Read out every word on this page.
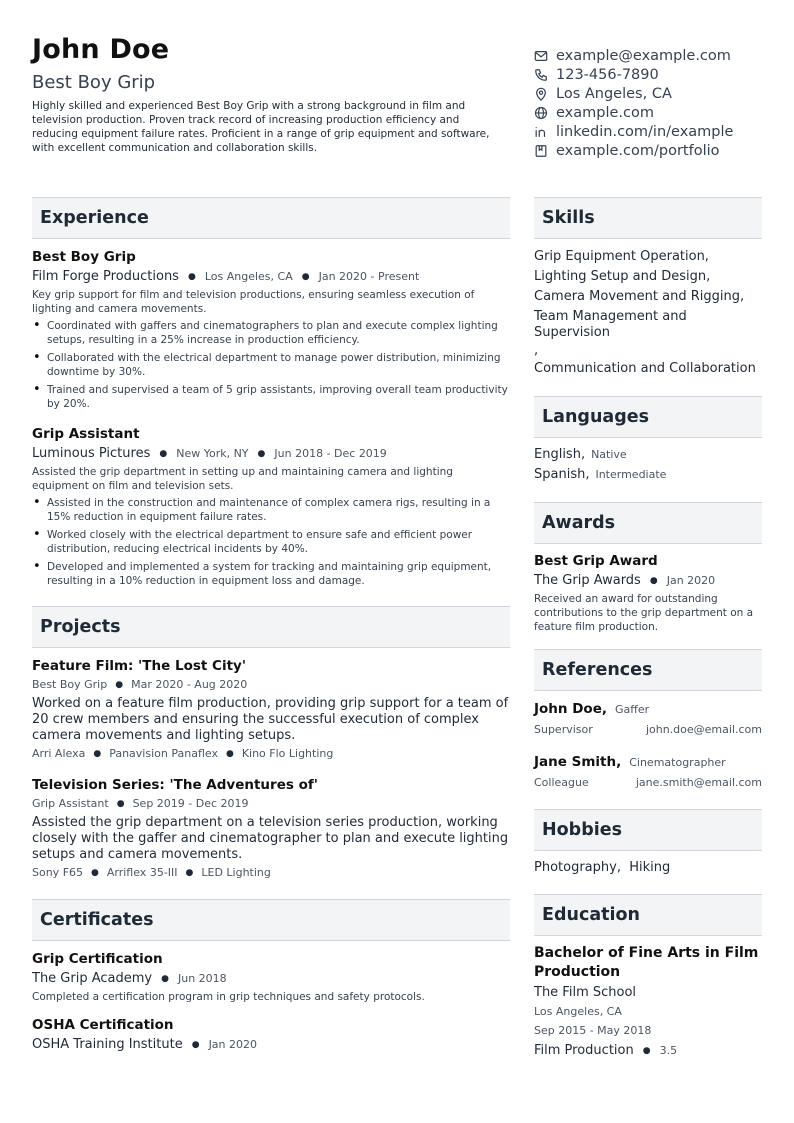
John Doe
Best Boy Grip
Highly skilled and experienced Best Boy Grip with a strong background in film and television production. Proven track record of increasing production efficiency and reducing equipment failure rates. Proficient in a range of grip equipment and software, with excellent communication and collaboration skills.
example@example.com
123-456-7890
Los Angeles, CA
example.com
linkedin.com/in/example
example.com/portfolio
Experience
Best Boy Grip
Film Forge Productions ● Los Angeles, CA ● Jan 2020 - Present
Key grip support for film and television productions, ensuring seamless execution of lighting and camera movements.
• Coordinated with gaffers and cinematographers to plan and execute complex lighting setups, resulting in a 25% increase in production efficiency.
• Collaborated with the electrical department to manage power distribution, minimizing downtime by 30%.
• Trained and supervised a team of 5 grip assistants, improving overall team productivity by 20%.
Grip Assistant
Luminous Pictures ● New York, NY ● Jun 2018 - Dec 2019
Assisted the grip department in setting up and maintaining camera and lighting equipment on film and television sets.
• Assisted in the construction and maintenance of complex camera rigs, resulting in a 15% reduction in equipment failure rates.
• Worked closely with the electrical department to ensure safe and efficient power distribution, reducing electrical incidents by 40%.
• Developed and implemented a system for tracking and maintaining grip equipment, resulting in a 10% reduction in equipment loss and damage.
Projects
Feature Film: 'The Lost City'
Best Boy Grip ● Mar 2020 - Aug 2020
Worked on a feature film production, providing grip support for a team of 20 crew members and ensuring the successful execution of complex camera movements and lighting setups.
Arri Alexa ● Panavision Panaflex ● Kino Flo Lighting
Television Series: 'The Adventures of'
Grip Assistant ● Sep 2019 - Dec 2019
Assisted the grip department on a television series production, working closely with the gaffer and cinematographer to plan and execute lighting setups and camera movements.
Sony F65 ● Arriflex 35-III ● LED Lighting
Certificates
Grip Certification
The Grip Academy ● Jun 2018
Completed a certification program in grip techniques and safety protocols.
OSHA Certification
OSHA Training Institute ● Jan 2020
Skills
Grip Equipment Operation,
Lighting Setup and Design,
Camera Movement and Rigging,
Team Management and Supervision
,
Communication and Collaboration
Languages
English, Native
Spanish, Intermediate
Awards
Best Grip Award
The Grip Awards ● Jan 2020
Received an award for outstanding contributions to the grip department on a feature film production.
References
John Doe, Gaffer
Supervisor	john.doe@email.com
Jane Smith, Cinematographer
Colleague	jane.smith@email.com
Hobbies
Photography,  Hiking
Education
Bachelor of Fine Arts in Film Production
The Film School
Los Angeles, CA
Sep 2015 - May 2018
Film Production ● 3.5
